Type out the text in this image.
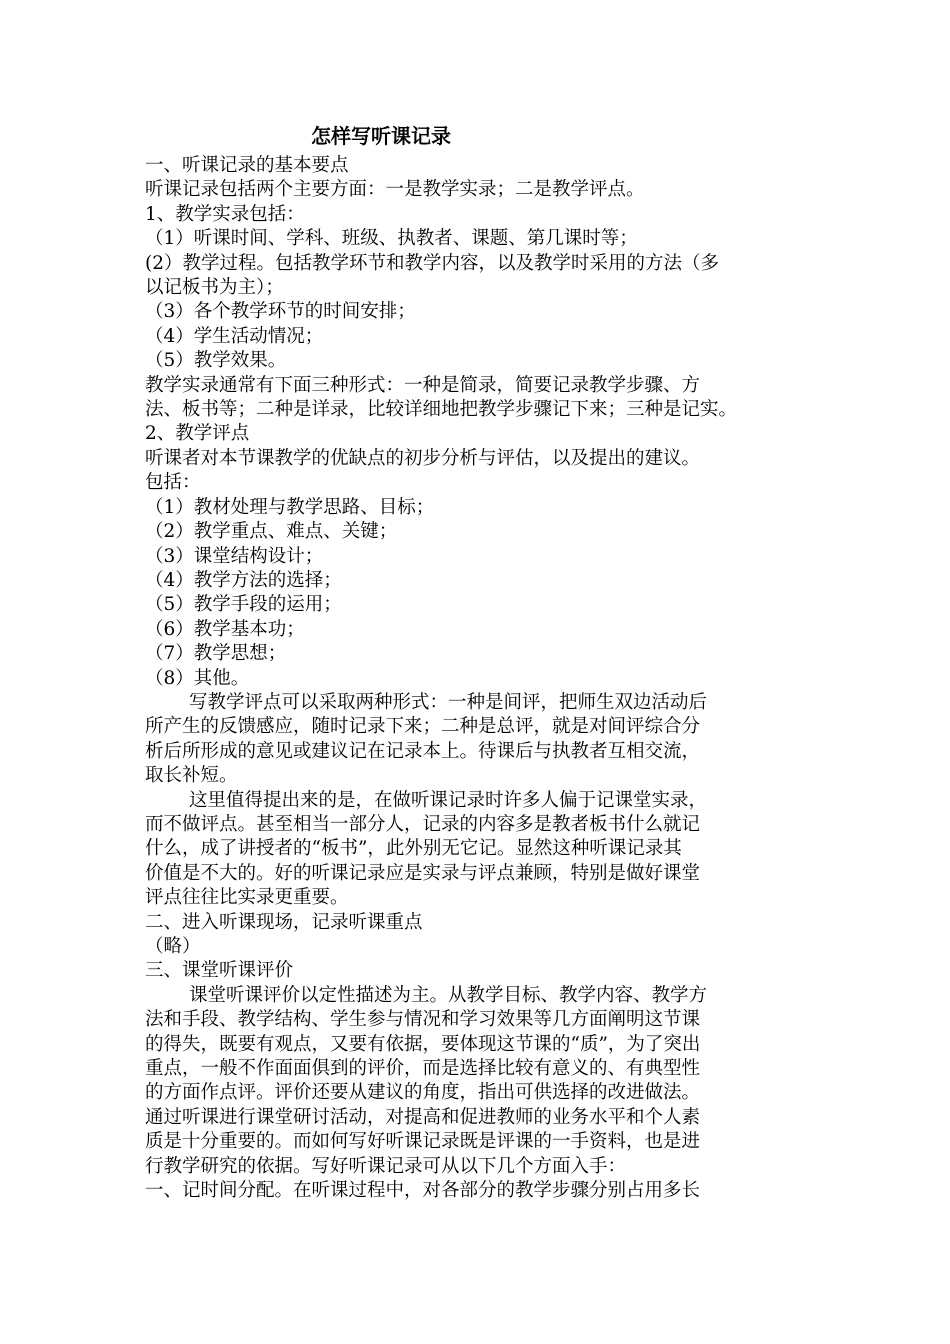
怎样写听课记录
一、听课记录的基本要点
听课记录包括两个主要方面：一是教学实录；二是教学评点。
1、教学实录包括：
（1）听课时间、学科、班级、执教者、课题、第几课时等；
(2）教学过程。包括教学环节和教学内容，以及教学时采用的方法（多
以记板书为主）；
（3）各个教学环节的时间安排；
（4）学生活动情况；
（5）教学效果。
教学实录通常有下面三种形式：一种是简录，简要记录教学步骤、方
法、板书等；二种是详录，比较详细地把教学步骤记下来；三种是记实。
2、教学评点
听课者对本节课教学的优缺点的初步分析与评估，以及提出的建议。
包括：
（1）教材处理与教学思路、目标；
（2）教学重点、难点、关键；
（3）课堂结构设计；
（4）教学方法的选择；
（5）教学手段的运用；
（6）教学基本功；
（7）教学思想；
（8）其他。
写教学评点可以采取两种形式：一种是间评，把师生双边活动后
所产生的反馈感应，随时记录下来；二种是总评，就是对间评综合分
析后所形成的意见或建议记在记录本上。待课后与执教者互相交流，
取长补短。
这里值得提出来的是，在做听课记录时许多人偏于记课堂实录，
而不做评点。甚至相当一部分人，记录的内容多是教者板书什么就记
什么，成了讲授者的“板书”，此外别无它记。显然这种听课记录其
价值是不大的。好的听课记录应是实录与评点兼顾，特别是做好课堂
评点往往比实录更重要。
二、进入听课现场，记录听课重点
（略）
三、课堂听课评价
课堂听课评价以定性描述为主。从教学目标、教学内容、教学方
法和手段、教学结构、学生参与情况和学习效果等几方面阐明这节课
的得失，既要有观点，又要有依据，要体现这节课的“质”，为了突出
重点，一般不作面面俱到的评价，而是选择比较有意义的、有典型性
的方面作点评。评价还要从建议的角度，指出可供选择的改进做法。
通过听课进行课堂研讨活动，对提高和促进教师的业务水平和个人素
质是十分重要的。而如何写好听课记录既是评课的一手资料，也是进
行教学研究的依据。写好听课记录可从以下几个方面入手：
一、记时间分配。在听课过程中，对各部分的教学步骤分别占用多长
